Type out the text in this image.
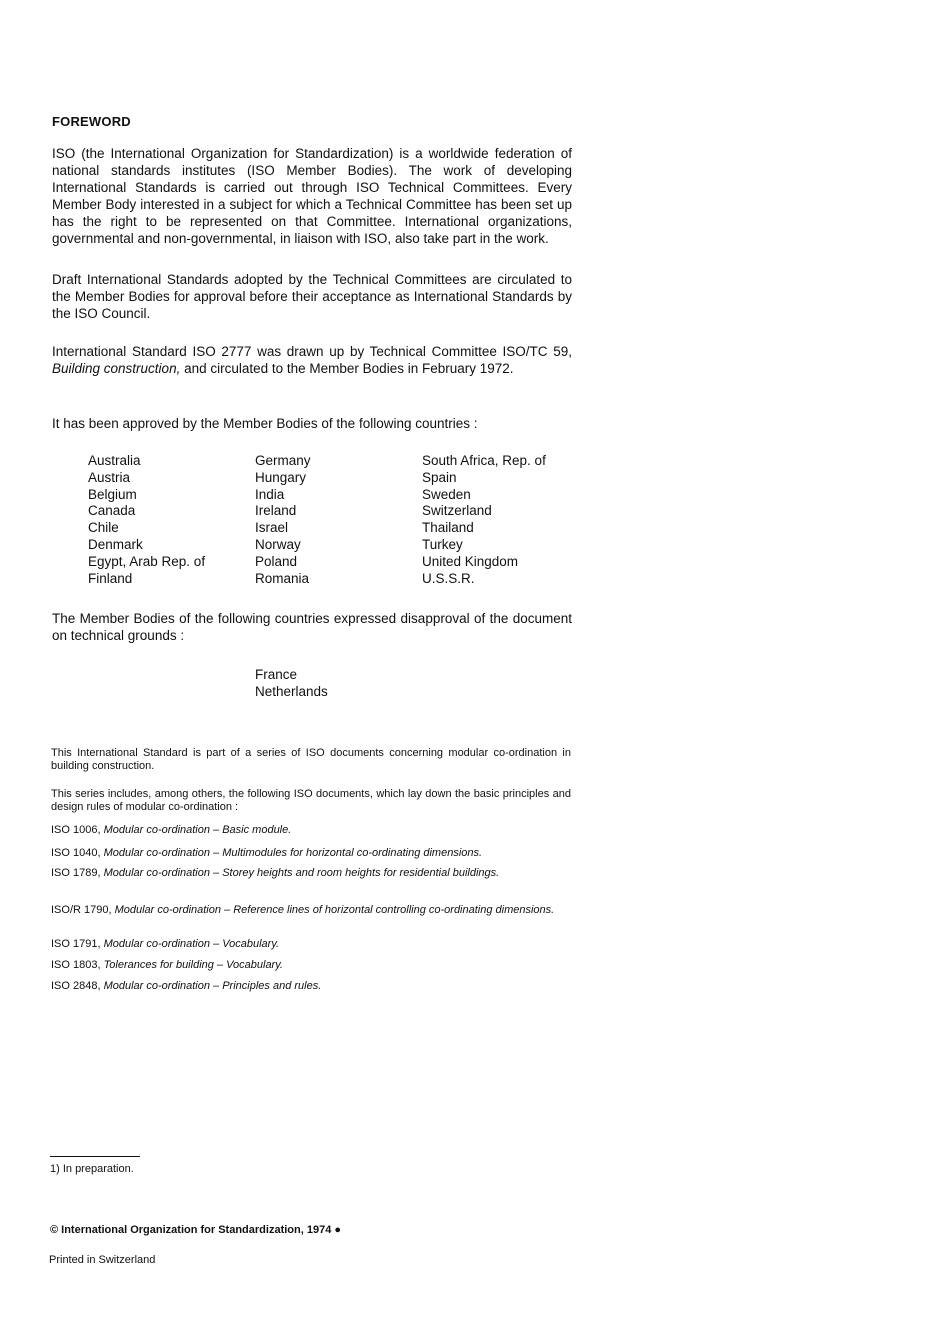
FOREWORD

ISO (the International Organization for Standardization) is a worldwide federation of national standards institutes (ISO Member Bodies). The work of developing International Standards is carried out through ISO Technical Committees. Every Member Body interested in a subject for which a Technical Committee has been set up has the right to be represented on that Committee. International organizations, governmental and non-governmental, in liaison with ISO, also take part in the work.

Draft International Standards adopted by the Technical Committees are circulated to the Member Bodies for approval before their acceptance as International Standards by the ISO Council.

International Standard ISO 2777 was drawn up by Technical Committee ISO/TC 59, Building construction, and circulated to the Member Bodies in February 1972.

It has been approved by the Member Bodies of the following countries :

Australia
Austria
Belgium
Canada
Chile
Denmark
Egypt, Arab Rep. of
Finland
Germany
Hungary
India
Ireland
Israel
Norway
Poland
Romania
South Africa, Rep. of
Spain
Sweden
Switzerland
Thailand
Turkey
United Kingdom
U.S.S.R.

The Member Bodies of the following countries expressed disapproval of the document on technical grounds :

France
Netherlands

This International Standard is part of a series of ISO documents concerning modular co-ordination in building construction.

This series includes, among others, the following ISO documents, which lay down the basic principles and design rules of modular co-ordination :

ISO 1006, Modular co-ordination – Basic module.
ISO 1040, Modular co-ordination – Multimodules for horizontal co-ordinating dimensions.
ISO 1789, Modular co-ordination – Storey heights and room heights for residential buildings.
ISO/R 1790, Modular co-ordination – Reference lines of horizontal controlling co-ordinating dimensions.
ISO 1791, Modular co-ordination – Vocabulary.
ISO 1803, Tolerances for building – Vocabulary.
ISO 2848, Modular co-ordination – Principles and rules.
1) In preparation.
© International Organization for Standardization, 1974 ●
Printed in Switzerland
